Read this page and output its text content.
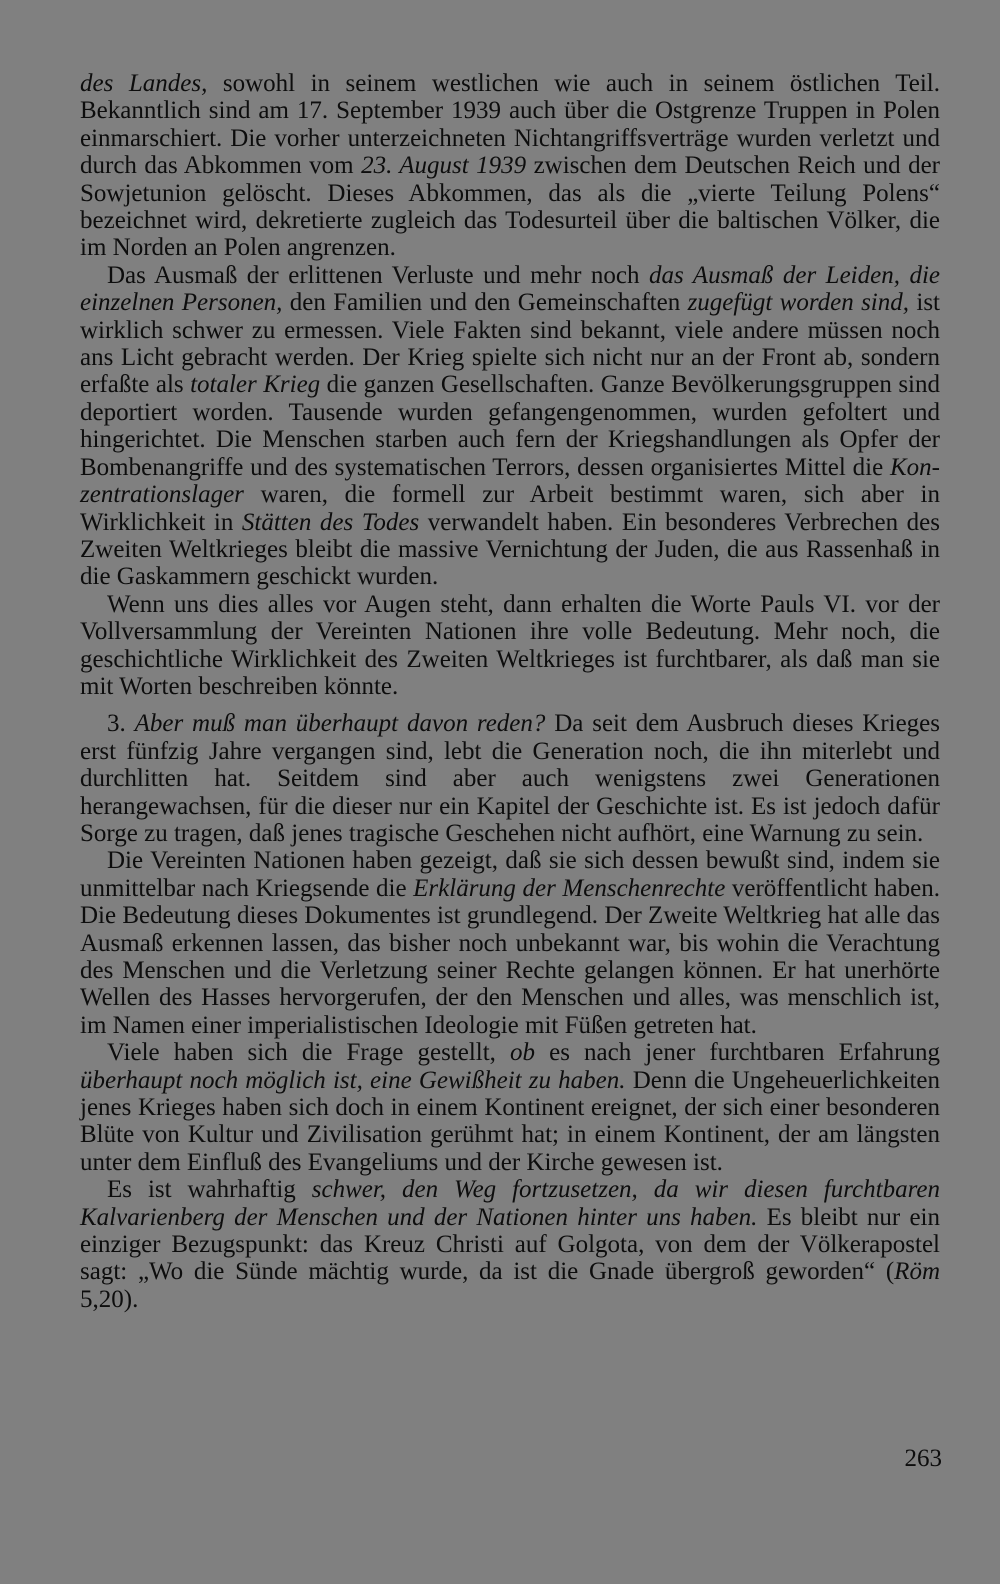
des Landes, sowohl in seinem westlichen wie auch in seinem östlichen Teil. Bekanntlich sind am 17. September 1939 auch über die Ostgrenze Truppen in Polen einmarschiert. Die vorher unterzeichneten Nichtangriffsverträge wurden verletzt und durch das Abkommen vom 23. August 1939 zwischen dem Deutschen Reich und der Sowjetunion gelöscht. Dieses Abkommen, das als die „vierte Teilung Polens“ bezeichnet wird, dekretierte zugleich das Todesurteil über die baltischen Völker, die im Norden an Polen angrenzen.

Das Ausmaß der erlittenen Verluste und mehr noch das Ausmaß der Leiden, die einzelnen Personen, den Familien und den Gemeinschaften zugefügt worden sind, ist wirklich schwer zu ermessen. Viele Fakten sind bekannt, viele andere müssen noch ans Licht gebracht werden. Der Krieg spielte sich nicht nur an der Front ab, sondern erfaßte als totaler Krieg die ganzen Gesellschaften. Ganze Bevölkerungsgruppen sind deportiert worden. Tausende wurden gefangengenommen, wurden gefoltert und hingerichtet. Die Menschen starben auch fern der Kriegshandlungen als Opfer der Bombenangriffe und des systematischen Terrors, dessen organisiertes Mittel die Konzentrationslager waren, die formell zur Arbeit bestimmt waren, sich aber in Wirklichkeit in Stätten des Todes verwandelt haben. Ein besonderes Verbrechen des Zweiten Weltkrieges bleibt die massive Vernichtung der Juden, die aus Rassenhaß in die Gaskammern geschickt wurden.

Wenn uns dies alles vor Augen steht, dann erhalten die Worte Pauls VI. vor der Vollversammlung der Vereinten Nationen ihre volle Bedeutung. Mehr noch, die geschichtliche Wirklichkeit des Zweiten Weltkrieges ist furchtbarer, als daß man sie mit Worten beschreiben könnte.

3. Aber muß man überhaupt davon reden? Da seit dem Ausbruch dieses Krieges erst fünfzig Jahre vergangen sind, lebt die Generation noch, die ihn miterlebt und durchlitten hat. Seitdem sind aber auch wenigstens zwei Generationen herangewachsen, für die dieser nur ein Kapitel der Geschichte ist. Es ist jedoch dafür Sorge zu tragen, daß jenes tragische Geschehen nicht aufhört, eine Warnung zu sein.

Die Vereinten Nationen haben gezeigt, daß sie sich dessen bewußt sind, indem sie unmittelbar nach Kriegsende die Erklärung der Menschenrechte veröffentlicht haben. Die Bedeutung dieses Dokumentes ist grundlegend. Der Zweite Weltkrieg hat alle das Ausmaß erkennen lassen, das bisher noch unbekannt war, bis wohin die Verachtung des Menschen und die Verletzung seiner Rechte gelangen können. Er hat unerhörte Wellen des Hasses hervorgerufen, der den Menschen und alles, was menschlich ist, im Namen einer imperialistischen Ideologie mit Füßen getreten hat.

Viele haben sich die Frage gestellt, ob es nach jener furchtbaren Erfahrung überhaupt noch möglich ist, eine Gewißheit zu haben. Denn die Ungeheuerlichkeiten jenes Krieges haben sich doch in einem Kontinent ereignet, der sich einer besonderen Blüte von Kultur und Zivilisation gerühmt hat; in einem Kontinent, der am längsten unter dem Einfluß des Evangeliums und der Kirche gewesen ist.

Es ist wahrhaftig schwer, den Weg fortzusetzen, da wir diesen furchtbaren Kalvarienberg der Menschen und der Nationen hinter uns haben. Es bleibt nur ein einziger Bezugspunkt: das Kreuz Christi auf Golgota, von dem der Völkerapostel sagt: „Wo die Sünde mächtig wurde, da ist die Gnade übergroß geworden“ (Röm 5,20).

263
